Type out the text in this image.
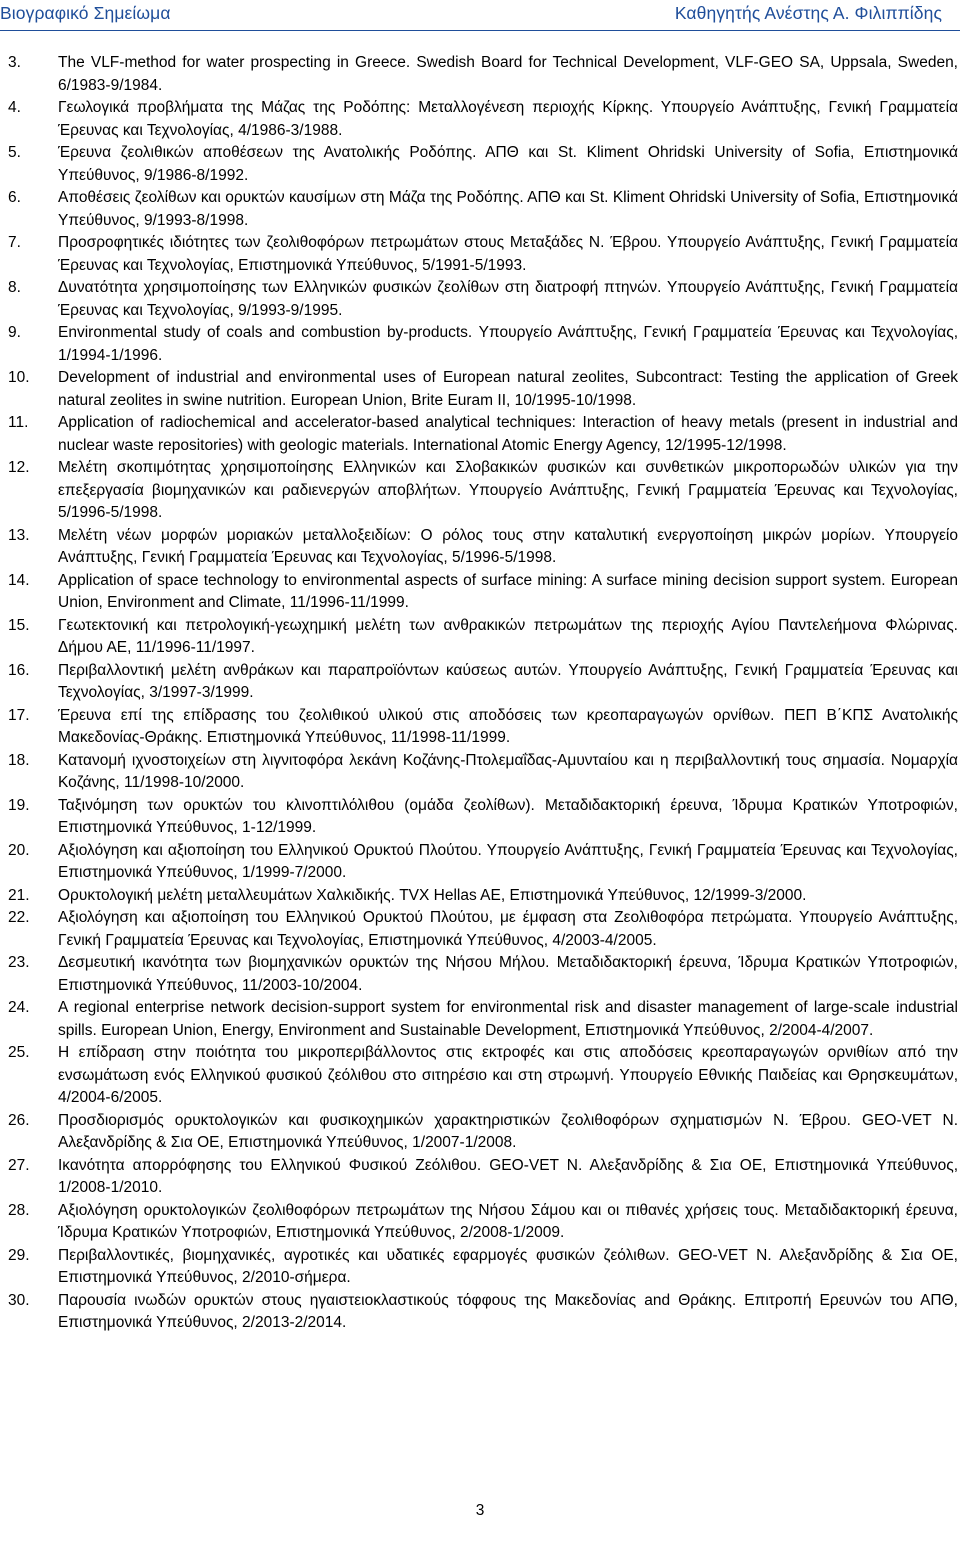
Βιογραφικό Σημείωμα	Καθηγητής Ανέστης Α. Φιλιππίδης
3.	The VLF-method for water prospecting in Greece. Swedish Board for Technical Development, VLF-GEO SA, Uppsala, Sweden, 6/1983-9/1984.
4.	Γεωλογικά προβλήματα της Μάζας της Ροδόπης: Μεταλλογένεση περιοχής Κίρκης. Υπουργείο Ανάπτυξης, Γενική Γραμματεία Έρευνας και Τεχνολογίας, 4/1986-3/1988.
5.	Έρευνα ζεολιθικών αποθέσεων της Ανατολικής Ροδόπης. ΑΠΘ και St. Kliment Ohridski University of Sofia, Επιστημονικά Υπεύθυνος, 9/1986-8/1992.
6.	Αποθέσεις ζεολίθων και ορυκτών καυσίμων στη Μάζα της Ροδόπης. ΑΠΘ και St. Kliment Ohridski University of Sofia, Επιστημονικά Υπεύθυνος, 9/1993-8/1998.
7.	Προσροφητικές ιδιότητες των ζεολιθοφόρων πετρωμάτων στους Μεταξάδες Ν. Έβρου. Υπουργείο Ανάπτυξης, Γενική Γραμματεία Έρευνας και Τεχνολογίας, Επιστημονικά Υπεύθυνος, 5/1991-5/1993.
8.	Δυνατότητα χρησιμοποίησης των Ελληνικών φυσικών ζεολίθων στη διατροφή πτηνών. Υπουργείο Ανάπτυξης, Γενική Γραμματεία Έρευνας και Τεχνολογίας, 9/1993-9/1995.
9.	Environmental study of coals and combustion by-products. Υπουργείο Ανάπτυξης, Γενική Γραμματεία Έρευνας και Τεχνολογίας, 1/1994-1/1996.
10.	Development of industrial and environmental uses of European natural zeolites, Subcontract: Testing the application of Greek natural zeolites in swine nutrition. European Union, Brite Euram II, 10/1995-10/1998.
11.	Application of radiochemical and accelerator-based analytical techniques: Interaction of heavy metals (present in industrial and nuclear waste repositories) with geologic materials. International Atomic Energy Agency, 12/1995-12/1998.
12.	Μελέτη σκοπιμότητας χρησιμοποίησης Ελληνικών και Σλοβακικών φυσικών και συνθετικών μικροπορωδών υλικών για την επεξεργασία βιομηχανικών και ραδιενεργών αποβλήτων. Υπουργείο Ανάπτυξης, Γενική Γραμματεία Έρευνας και Τεχνολογίας, 5/1996-5/1998.
13.	Μελέτη νέων μορφών μοριακών μεταλλοξειδίων: Ο ρόλος τους στην καταλυτική ενεργοποίηση μικρών μορίων. Υπουργείο Ανάπτυξης, Γενική Γραμματεία Έρευνας και Τεχνολογίας, 5/1996-5/1998.
14.	Application of space technology to environmental aspects of surface mining: A surface mining decision support system. European Union, Environment and Climate, 11/1996-11/1999.
15.	Γεωτεκτονική και πετρολογική-γεωχημική μελέτη των ανθρακικών πετρωμάτων της περιοχής Αγίου Παντελεήμονα Φλώρινας. Δήμου ΑΕ, 11/1996-11/1997.
16.	Περιβαλλοντική μελέτη ανθράκων και παραπροϊόντων καύσεως αυτών. Υπουργείο Ανάπτυξης, Γενική Γραμματεία Έρευνας και Τεχνολογίας, 3/1997-3/1999.
17.	Έρευνα επί της επίδρασης του ζεολιθικού υλικού στις αποδόσεις των κρεοπαραγωγών ορνίθων. ΠΕΠ Β΄ΚΠΣ Ανατολικής Μακεδονίας-Θράκης. Επιστημονικά Υπεύθυνος, 11/1998-11/1999.
18.	Κατανομή ιχνοστοιχείων στη λιγνιτοφόρα λεκάνη Κοζάνης-Πτολεμαΐδας-Αμυνταίου και η περιβαλλοντική τους σημασία. Νομαρχία Κοζάνης, 11/1998-10/2000.
19.	Ταξινόμηση των ορυκτών του κλινοπτιλόλιθου (ομάδα ζεολίθων). Μεταδιδακτορική έρευνα, Ίδρυμα Κρατικών Υποτροφιών, Επιστημονικά Υπεύθυνος, 1-12/1999.
20.	Αξιολόγηση και αξιοποίηση του Ελληνικού Ορυκτού Πλούτου. Υπουργείο Ανάπτυξης, Γενική Γραμματεία Έρευνας και Τεχνολογίας, Επιστημονικά Υπεύθυνος, 1/1999-7/2000.
21.	Ορυκτολογική μελέτη μεταλλευμάτων Χαλκιδικής. TVX Hellas AE, Επιστημονικά Υπεύθυνος, 12/1999-3/2000.
22.	Αξιολόγηση και αξιοποίηση του Ελληνικού Ορυκτού Πλούτου, με έμφαση στα Ζεολιθοφόρα πετρώματα. Υπουργείο Ανάπτυξης, Γενική Γραμματεία Έρευνας και Τεχνολογίας, Επιστημονικά Υπεύθυνος, 4/2003-4/2005.
23.	Δεσμευτική ικανότητα των βιομηχανικών ορυκτών της Νήσου Μήλου. Μεταδιδακτορική έρευνα, Ίδρυμα Κρατικών Υποτροφιών, Επιστημονικά Υπεύθυνος, 11/2003-10/2004.
24.	A regional enterprise network decision-support system for environmental risk and disaster management of large-scale industrial spills. European Union, Energy, Environment and Sustainable Development, Επιστημονικά Υπεύθυνος, 2/2004-4/2007.
25.	Η επίδραση στην ποιότητα του μικροπεριβάλλοντος στις εκτροφές και στις αποδόσεις κρεοπαραγωγών ορνιθίων από την ενσωμάτωση ενός Ελληνικού φυσικού ζεόλιθου στο σιτηρέσιο και στη στρωμνή. Υπουργείο Εθνικής Παιδείας και Θρησκευμάτων, 4/2004-6/2005.
26.	Προσδιορισμός ορυκτολογικών και φυσικοχημικών χαρακτηριστικών ζεολιθοφόρων σχηματισμών Ν. Έβρου. GEO-VET Ν. Αλεξανδρίδης & Σια ΟΕ, Επιστημονικά Υπεύθυνος, 1/2007-1/2008.
27.	Ικανότητα απορρόφησης του Ελληνικού Φυσικού Ζεόλιθου. GEO-VET Ν. Αλεξανδρίδης & Σια ΟΕ, Επιστημονικά Υπεύθυνος, 1/2008-1/2010.
28.	Αξιολόγηση ορυκτολογικών ζεολιθοφόρων πετρωμάτων της Νήσου Σάμου και οι πιθανές χρήσεις τους. Μεταδιδακτορική έρευνα, Ίδρυμα Κρατικών Υποτροφιών, Επιστημονικά Υπεύθυνος, 2/2008-1/2009.
29.	Περιβαλλοντικές, βιομηχανικές, αγροτικές και υδατικές εφαρμογές φυσικών ζεόλιθων. GEO-VET Ν. Αλεξανδρίδης & Σια ΟΕ, Επιστημονικά Υπεύθυνος, 2/2010-σήμερα.
30.	Παρουσία ινωδών ορυκτών στους ηγαιστειοκλαστικούς τόφφους της Μακεδονίας and Θράκης. Επιτροπή Ερευνών του ΑΠΘ, Επιστημονικά Υπεύθυνος, 2/2013-2/2014.
3
